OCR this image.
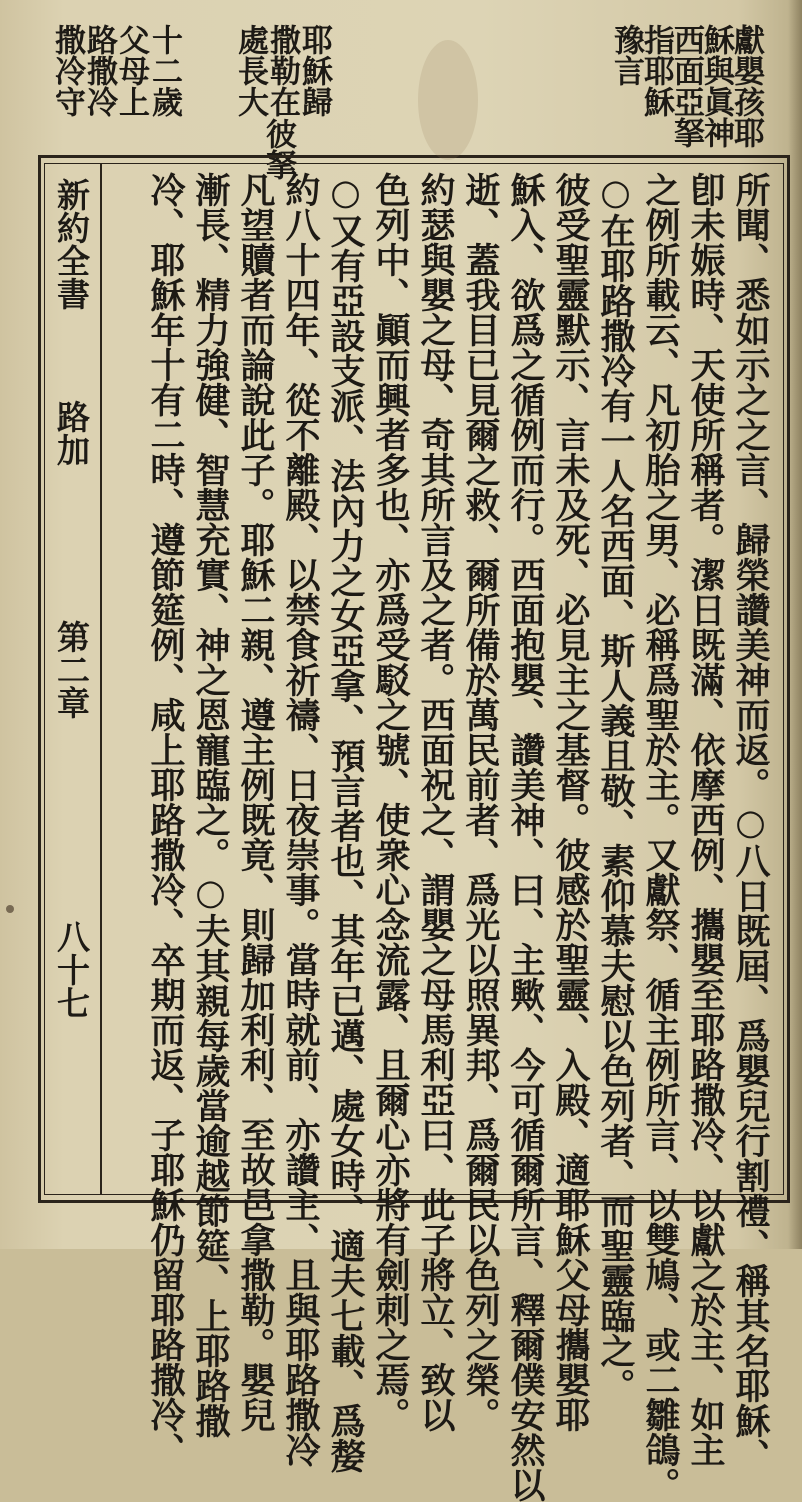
獻嬰孩耶
穌與眞神
西面亞拏
指耶穌
豫言
耶穌歸
撒勒在
處長大
彼拏
十二歲
父母上
路撒冷
撒冷守
所聞、悉如示之之言、歸榮讚美神而返。○八日既屆、爲嬰兒行割禮、稱其名耶穌、
卽未娠時、天使所稱者。潔日既滿、依摩西例、攜嬰至耶路撒冷、以獻之於主、如主
之例所載云、凡初胎之男、必稱爲聖於主。又獻祭、循主例所言、以雙鳩、或二雛鴿。
○在耶路撒冷有一人名西面、斯人義且敬、素仰慕夫慰以色列者、而聖靈臨之。
彼受聖靈默示、言未及死、必見主之基督。彼感於聖靈、入殿、適耶穌父母攜嬰耶
穌入、欲爲之循例而行。西面抱嬰、讚美神、曰、主歟、今可循爾所言、釋爾僕安然以
逝、蓋我目已見爾之救、爾所備於萬民前者、爲光以照異邦、爲爾民以色列之榮。
約瑟與嬰之母、奇其所言及之者。西面祝之、謂嬰之母馬利亞曰、此子將立、致以
色列中、顚而興者多也、亦爲受駁之號、使衆心念流露、且爾心亦將有劍刺之焉。
○又有亞設支派、法內力之女亞拿、預言者也、其年已邁、處女時、適夫七載、爲嫠
約八十四年、從不離殿、以禁食祈禱、日夜崇事。當時就前、亦讚主、且與耶路撒冷
凡望贖者而論說此子。耶穌二親、遵主例既竟、則歸加利利、至故邑拿撒勒。嬰兒
漸長、精力強健、智慧充實、神之恩寵臨之。○夫其親每歲當逾越節筵、上耶路撒
冷、耶穌年十有二時、遵節筵例、咸上耶路撒冷、卒期而返、子耶穌仍留耶路撒冷、
新約全書
路加
第二章
八十七
